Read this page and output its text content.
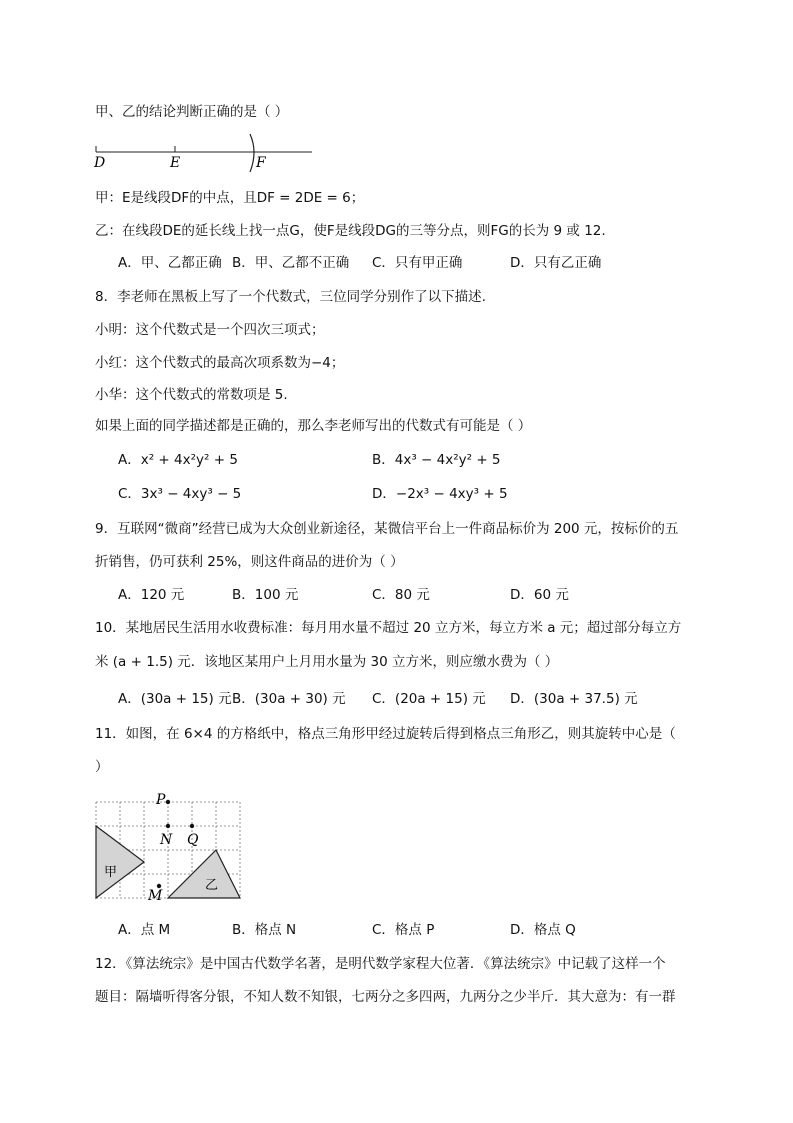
甲、乙的结论判断正确的是（ ）
D	E	F
甲：E是线段DF的中点，且DF = 2DE = 6；
乙：在线段DE的延长线上找一点G，使F是线段DG的三等分点，则FG的长为 9 或 12.
A．甲、乙都正确 B．甲、乙都不正确 C．只有甲正确	D．只有乙正确
8．李老师在黑板上写了一个代数式，三位同学分别作了以下描述.
小明：这个代数式是一个四次三项式；
小红：这个代数式的最高次项系数为−4；
小华：这个代数式的常数项是 5.
如果上面的同学描述都是正确的，那么李老师写出的代数式有可能是（ ）
A．x² + 4x²y² + 5	B．4x³ − 4x²y² + 5
C．3x³ − 4xy³ − 5	D．−2x³ − 4xy³ + 5
9．互联网“微商”经营已成为大众创业新途径，某微信平台上一件商品标价为 200 元，按标价的五
折销售，仍可获利 25%，则这件商品的进价为（ ）
A．120 元	B．100 元	C．80 元	D．60 元
10．某地居民生活用水收费标准：每月用水量不超过 20 立方米，每立方米 a 元；超过部分每立方
米 (a + 1.5) 元．该地区某用户上月用水量为 30 立方米，则应缴水费为（ ）
A．(30a + 15) 元 B．(30a + 30) 元 C．(20a + 15) 元 D．(30a + 37.5) 元
11．如图，在 6×4 的方格纸中，格点三角形甲经过旋转后得到格点三角形乙，则其旋转中心是（
）
甲
乙
P
N Q
M
A．点 M	B．格点 N	C．格点 P	D．格点 Q
12．《算法统宗》是中国古代数学名著，是明代数学家程大位著．《算法统宗》中记载了这样一个
题目：隔墙听得客分银，不知人数不知银，七两分之多四两，九两分之少半斤．其大意为：有一群
